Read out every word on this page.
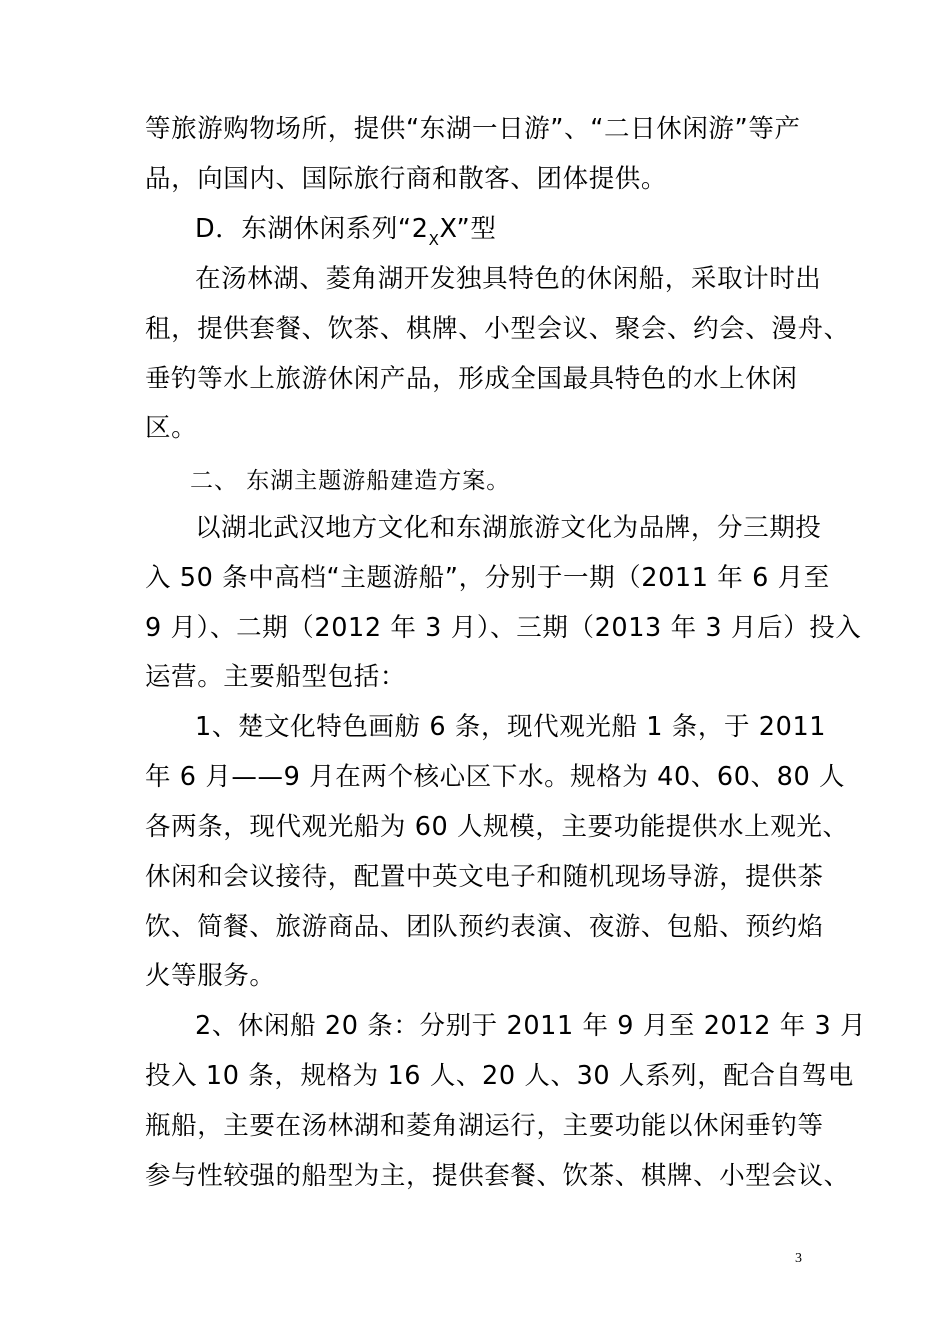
等旅游购物场所，提供“东湖一日游”、“二日休闲游”等产
品，向国内、国际旅行商和散客、团体提供。
D．东湖休闲系列“$2_XX$”型
在汤林湖、菱角湖开发独具特色的休闲船，采取计时出
租，提供套餐、饮茶、棋牌、小型会议、聚会、约会、漫舟、
垂钓等水上旅游休闲产品，形成全国最具特色的水上休闲
区。
二、 东湖主题游船建造方案。
以湖北武汉地方文化和东湖旅游文化为品牌，分三期投
入 50 条中高档“主题游船”，分别于一期（2011 年 6 月至
9 月）、二期（2012 年 3 月）、三期（2013 年 3 月后）投入
运营。主要船型包括：
1、楚文化特色画舫 6 条，现代观光船 1 条，于 2011
年 6 月——9 月在两个核心区下水。规格为 40、60、80 人
各两条，现代观光船为 60 人规模，主要功能提供水上观光、
休闲和会议接待，配置中英文电子和随机现场导游，提供茶
饮、简餐、旅游商品、团队预约表演、夜游、包船、预约焰
火等服务。
2、休闲船 20 条：分别于 2011 年 9 月至 2012 年 3 月
投入 10 条，规格为 16 人、20 人、30 人系列，配合自驾电
瓶船，主要在汤林湖和菱角湖运行，主要功能以休闲垂钓等
参与性较强的船型为主，提供套餐、饮茶、棋牌、小型会议、
3
